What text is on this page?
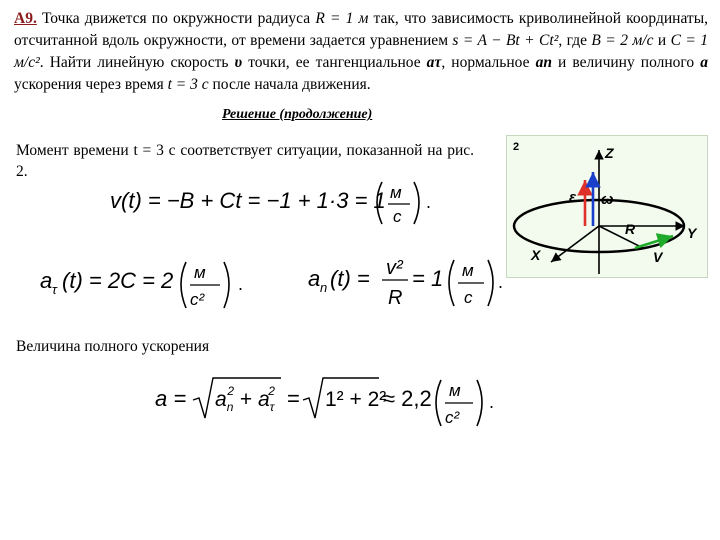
А9. Точка движется по окружности радиуса R = 1 м так, что зависимость криволинейной координаты, отсчитанной вдоль окружности, от времени задается уравнением s = A − Bt + Ct², где B = 2 м/с и C = 1 м/с². Найти линейную скорость υ точки, ее тангенциальное aτ, нормальное an и величину полного a ускорения через время t = 3 с после начала движения.
Решение (продолжение)
Момент времени t = 3 с соответствует ситуации, показанной на рис. 2.
v(t) = −B + Ct = −1 + 1·3 = 1 м
с
.
a τ (t) = 2C = 2 м
с²
.	a n (t) = v²
R
= 1 м
с
.
Величина полного ускорения
$a = a_n2 + a_\tau 2 = 1^2 + 2^2$
≈ 2,2 м
с²
.
2	Z
Y
X
R
V
ε ω
